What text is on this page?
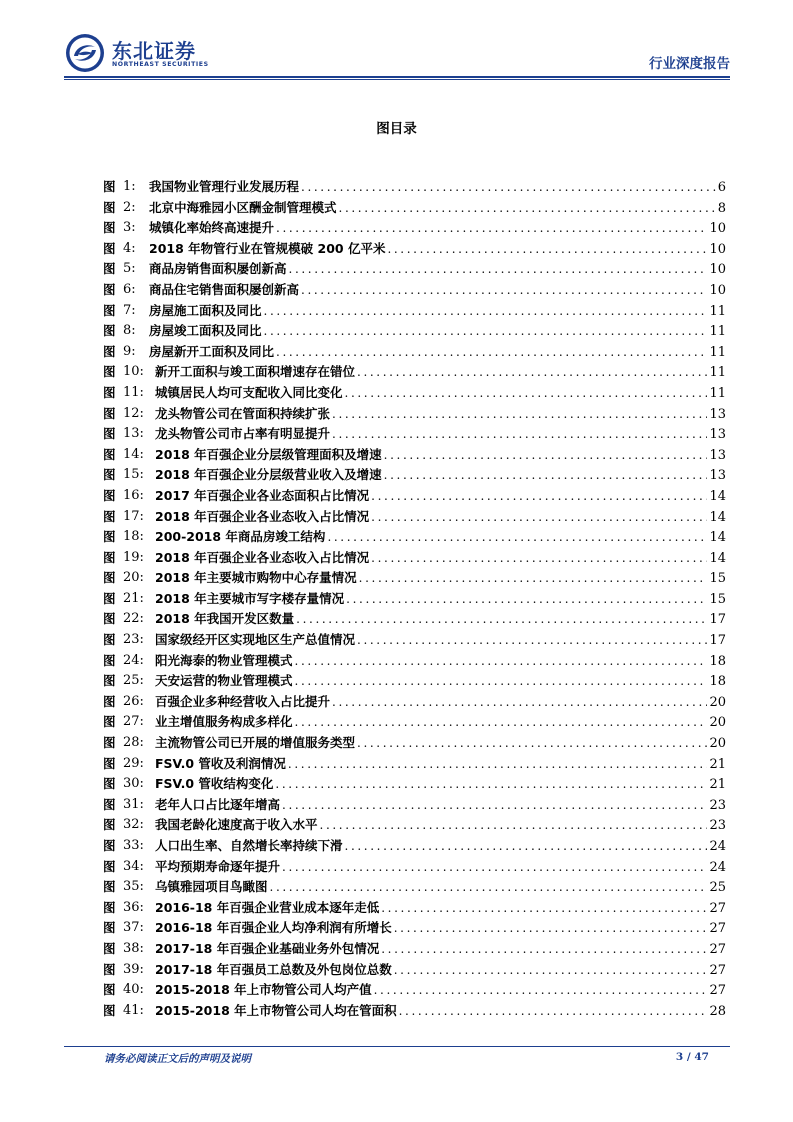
东北证券
NORTHEAST SECURITIES	行业深度报告
图目录
图 1: 我国物业管理行业发展历程 . . .	6
图 2: 北京中海雅园小区酬金制管理模式 . . .	8
图 3: 城镇化率始终高速提升 . . .	10
图 4: 2018 年物管行业在管规模破 200 亿平米 . . .	10
图 5: 商品房销售面积屡创新高 . . .	10
图 6: 商品住宅销售面积屡创新高 . . .	10
图 7: 房屋施工面积及同比 . . .	11
图 8: 房屋竣工面积及同比 . . .	11
图 9: 房屋新开工面积及同比 . . .	11
图 10: 新开工面积与竣工面积增速存在错位 . . .	11
图 11: 城镇居民人均可支配收入同比变化 . . .	11
图 12: 龙头物管公司在管面积持续扩张 . . .	13
图 13: 龙头物管公司市占率有明显提升 . . .	13
图 14: 2018 年百强企业分层级管理面积及增速 . . .	13
图 15: 2018 年百强企业分层级营业收入及增速 . . .	13
图 16: 2017 年百强企业各业态面积占比情况 . . .	14
图 17: 2018 年百强企业各业态收入占比情况 . . .	14
图 18: 200-2018 年商品房竣工结构 . . .	14
图 19: 2018 年百强企业各业态收入占比情况 . . .	14
图 20: 2018 年主要城市购物中心存量情况 . . .	15
图 21: 2018 年主要城市写字楼存量情况 . . .	15
图 22: 2018 年我国开发区数量 . . .	17
图 23: 国家级经开区实现地区生产总值情况 . . .	17
图 24: 阳光海泰的物业管理模式 . . .	18
图 25: 天安运营的物业管理模式 . . .	18
图 26: 百强企业多种经营收入占比提升 . . .	20
图 27: 业主增值服务构成多样化 . . .	20
图 28: 主流物管公司已开展的增值服务类型 . . .	20
图 29: FSV.0 管收及利润情况 . . .	21
图 30: FSV.0 管收结构变化 . . .	21
图 31: 老年人口占比逐年增高 . . .	23
图 32: 我国老龄化速度高于收入水平 . . .	23
图 33: 人口出生率、自然增长率持续下滑 . . .	24
图 34: 平均预期寿命逐年提升 . . .	24
图 35: 乌镇雅园项目鸟瞰图 . . .	25
图 36: 2016-18 年百强企业营业成本逐年走低 . . .	27
图 37: 2016-18 年百强企业人均净利润有所增长 . . .	27
图 38: 2017-18 年百强企业基础业务外包情况 . . .	27
图 39: 2017-18 年百强员工总数及外包岗位总数 . . .	27
图 40: 2015-2018 年上市物管公司人均产值 . . .	27
图 41: 2015-2018 年上市物管公司人均在管面积 . . .	28
请务必阅读正文后的声明及说明	3 / 47
